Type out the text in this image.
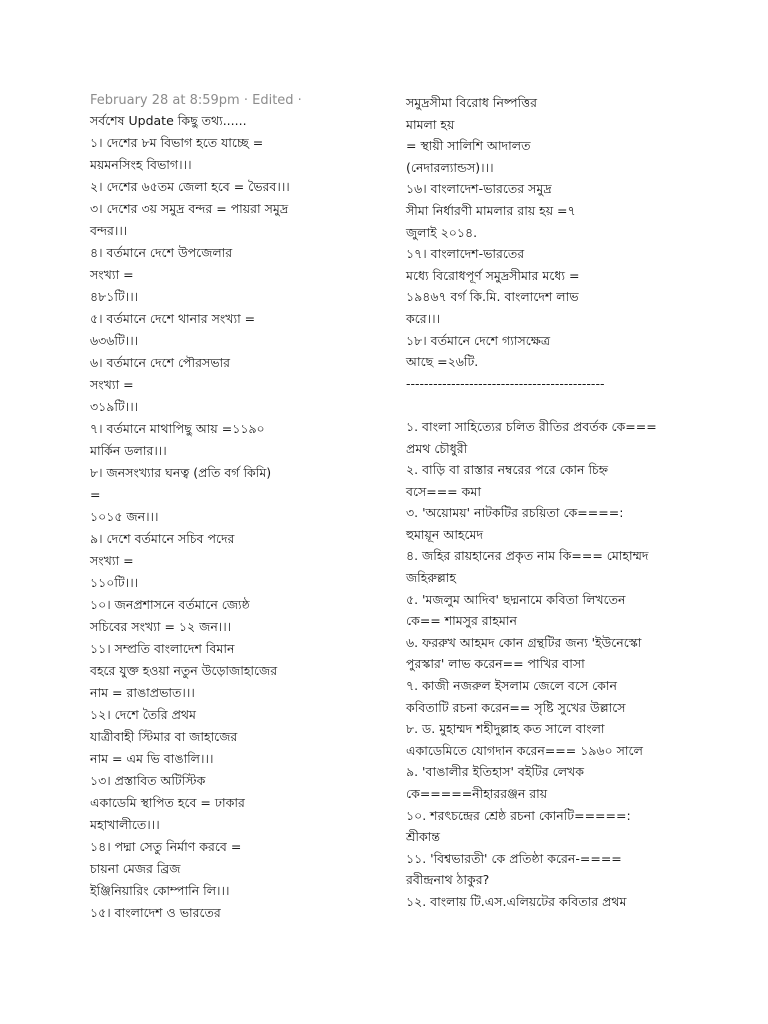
February 28 at 8:59pm · Edited ·
সর্বশেষ Update কিছু তথ্য......
১। দেশের ৮ম বিভাগ হতে যাচ্ছে =
ময়মনসিংহ বিভাগ।।।
২। দেশের ৬৫তম জেলা হবে = ভৈরব।।।
৩। দেশের ৩য় সমুদ্র বন্দর = পায়রা সমুদ্র
বন্দর।।।
৪। বর্তমানে দেশে উপজেলার
সংখ্যা =
৪৮১টি।।।
৫। বর্তমানে দেশে থানার সংখ্যা =
৬৩৬টি।।।
৬। বর্তমানে দেশে পৌরসভার
সংখ্যা =
৩১৯টি।।।
৭। বর্তমানে মাথাপিছু আয় =১১৯০
মার্কিন ডলার।।।
৮। জনসংখ্যার ঘনত্ব (প্রতি বর্গ কিমি)
=
১০১৫ জন।।।
৯। দেশে বর্তমানে সচিব পদের
সংখ্যা =
১১০টি।।।
১০। জনপ্রশাসনে বর্তমানে জ্যেষ্ঠ
সচিবের সংখ্যা = ১২ জন।।।
১১। সম্প্রতি বাংলাদেশ বিমান
বহরে যুক্ত হওয়া নতুন উড়োজাহাজের
নাম = রাঙাপ্রভাত।।।
১২। দেশে তৈরি প্রথম
যাত্রীবাহী স্টিমার বা জাহাজের
নাম = এম ভি বাঙালি।।।
১৩। প্রস্তাবিত অটিস্টিক
একাডেমি স্থাপিত হবে = ঢাকার
মহাখালীতে।।।
১৪। পদ্মা সেতু নির্মাণ করবে =
চায়না মেজর ব্রিজ
ইঞ্জিনিয়ারিং কোম্পানি লি।।।
১৫। বাংলাদেশ ও ভারতের
সমুদ্রসীমা বিরোধ নিষ্পত্তির
মামলা হয়
= স্থায়ী সালিশি আদালত
(নেদারল্যান্ডস)।।।
১৬। বাংলাদেশ-ভারতের সমুদ্র
সীমা নির্ধারণী মামলার রায় হয় =৭
জুলাই ২০১৪.
১৭। বাংলাদেশ-ভারতের
মধ্যে বিরোধপূর্ণ সমুদ্রসীমার মধ্যে =
১৯৪৬৭ বর্গ কি.মি. বাংলাদেশ লাভ
করে।।।
১৮। বর্তমানে দেশে গ্যাসক্ষেত্র
আছে =২৬টি.
--------------------------------------------
১. বাংলা সাহিত্যের চলিত রীতির প্রবর্তক কে===
প্রমথ চৌধুরী
২. বাড়ি বা রাস্তার নম্বরের পরে কোন চিহ্ন
বসে=== কমা
৩. 'অয়োময়' নাটকটির রচয়িতা কে====:
হুমায়ূন আহমেদ
৪. জহির রায়হানের প্রকৃত নাম কি=== মোহাম্মদ
জহিরুল্লাহ
৫. 'মজলুম আদিব' ছদ্মনামে কবিতা লিখতেন
কে== শামসুর রাহমান
৬. ফররুখ আহমদ কোন গ্রন্থটির জন্য 'ইউনেস্কো
পুরস্কার' লাভ করেন== পাখির বাসা
৭. কাজী নজরুল ইসলাম জেলে বসে কোন
কবিতাটি রচনা করেন== সৃষ্টি সুখের উল্লাসে
৮. ড. মুহাম্মদ শহীদুল্লাহ কত সালে বাংলা
একাডেমিতে যোগদান করেন=== ১৯৬০ সালে
৯. 'বাঙালীর ইতিহাস' বইটির লেখক
কে=====নীহাররঞ্জন রায়
১০. শরৎচন্দ্রের শ্রেষ্ঠ রচনা কোনটি=====:
শ্রীকান্ত
১১. 'বিশ্বভারতী' কে প্রতিষ্ঠা করেন-====
রবীন্দ্রনাথ ঠাকুর?
১২. বাংলায় টি.এস.এলিয়টের কবিতার প্রথম
